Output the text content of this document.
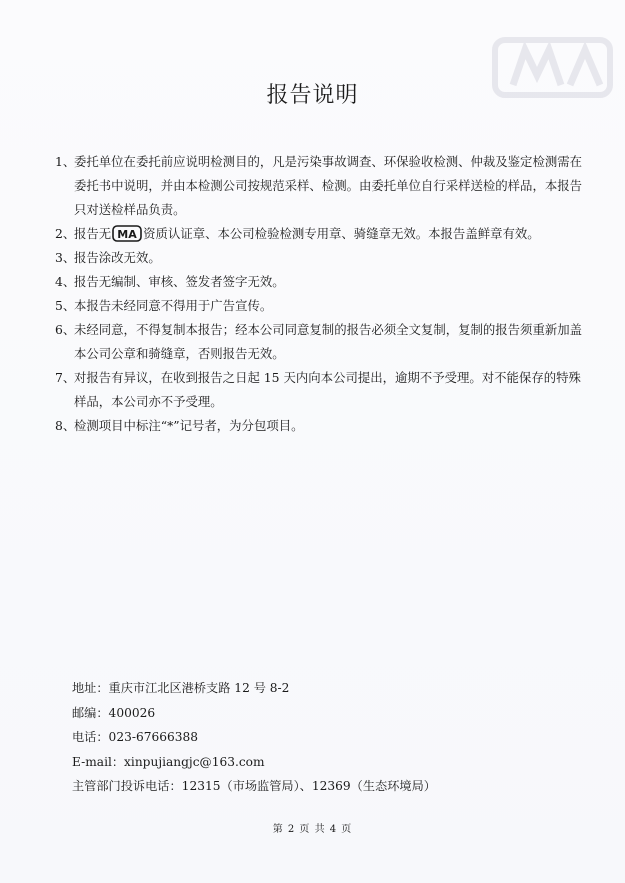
报告说明
1、
委托单位在委托前应说明检测目的，凡是污染事故调查、环保验收检测、仲裁及鉴定检测需在委托书中说明，并由本检测公司按规范采样、检测。由委托单位自行采样送检的样品，本报告只对送检样品负责。
2、
报告无 MA 资质认证章、本公司检验检测专用章、骑缝章无效。本报告盖鲜章有效。
3、
报告涂改无效。
4、
报告无编制、审核、签发者签字无效。
5、
本报告未经同意不得用于广告宣传。
6、
未经同意，不得复制本报告；经本公司同意复制的报告必须全文复制，复制的报告须重新加盖本公司公章和骑缝章，否则报告无效。
7、
对报告有异议，在收到报告之日起 15 天内向本公司提出，逾期不予受理。对不能保存的特殊样品，本公司亦不予受理。
8、
检测项目中标注“*”记号者，为分包项目。
地址：重庆市江北区港桥支路 12 号 8-2
邮编：400026
电话：023-67666388
E-mail：xinpujiangjc@163.com
主管部门投诉电话：12315（市场监管局）、12369（生态环境局）
第 2 页 共 4 页
